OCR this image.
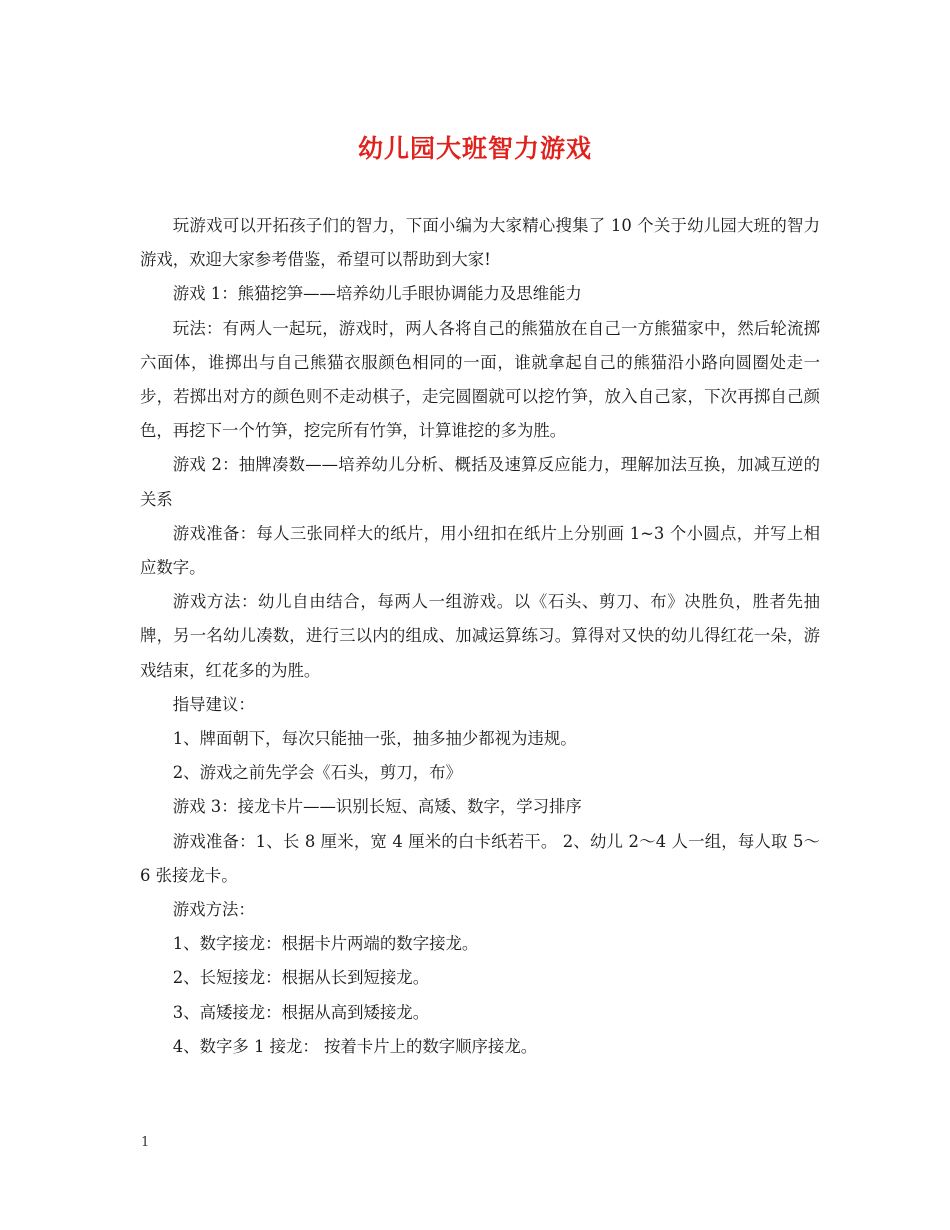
幼儿园大班智力游戏

玩游戏可以开拓孩子们的智力，下面小编为大家精心搜集了 10 个关于幼儿园大班的智力游戏，欢迎大家参考借鉴，希望可以帮助到大家!

游戏 1：熊猫挖笋——培养幼儿手眼协调能力及思维能力

玩法：有两人一起玩，游戏时，两人各将自己的熊猫放在自己一方熊猫家中，然后轮流掷六面体，谁掷出与自己熊猫衣服颜色相同的一面，谁就拿起自己的熊猫沿小路向圆圈处走一步，若掷出对方的颜色则不走动棋子，走完圆圈就可以挖竹笋，放入自己家，下次再掷自己颜色，再挖下一个竹笋，挖完所有竹笋，计算谁挖的多为胜。

游戏 2：抽牌凑数——培养幼儿分析、概括及速算反应能力，理解加法互换，加减互逆的关系

游戏准备：每人三张同样大的纸片，用小纽扣在纸片上分别画 1~3 个小圆点，并写上相应数字。

游戏方法：幼儿自由结合，每两人一组游戏。以《石头、剪刀、布》决胜负，胜者先抽牌，另一名幼儿凑数，进行三以内的组成、加减运算练习。算得对又快的幼儿得红花一朵，游戏结束，红花多的为胜。

指导建议：

1、牌面朝下，每次只能抽一张，抽多抽少都视为违规。

2、游戏之前先学会《石头，剪刀，布》

游戏 3：接龙卡片——识别长短、高矮、数字，学习排序

游戏准备：1、长 8 厘米，宽 4 厘米的白卡纸若干。 2、幼儿 2～4 人一组，每人取 5～6 张接龙卡。

游戏方法：

1、数字接龙：根据卡片两端的数字接龙。

2、长短接龙：根据从长到短接龙。

3、高矮接龙：根据从高到矮接龙。

4、数字多 1 接龙： 按着卡片上的数字顺序接龙。

1
